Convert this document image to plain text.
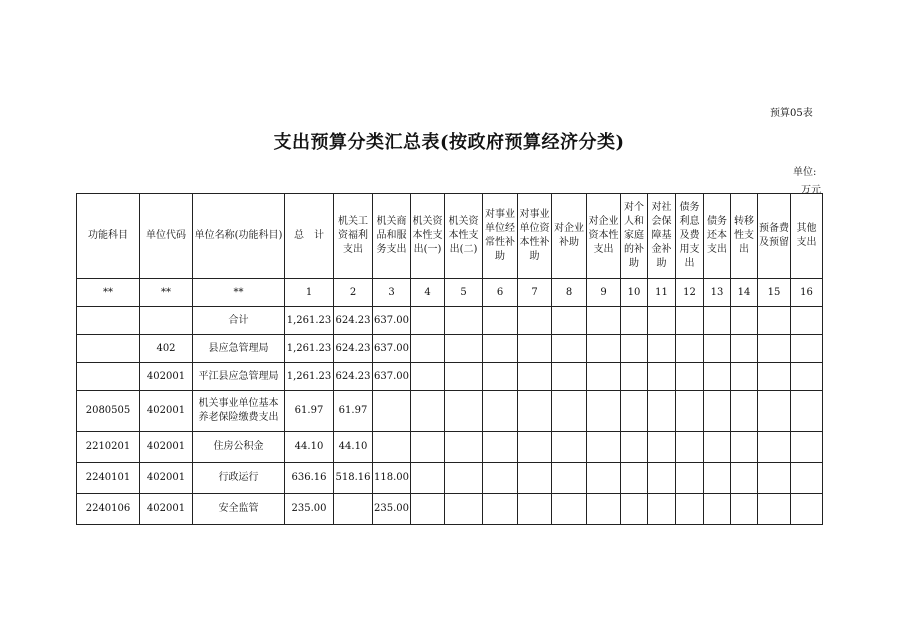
预算05表
支出预算分类汇总表(按政府预算经济分类)
单位:
万元
功能科目	单位代码	单位名称(功能科目)	总　计	机关工资福利支出	机关商品和服务支出	机关资本性支出(一)	机关资本性支出(二)	对事业单位经常性补助	对事业单位资本性补助	对企业补助	对企业资本性支出	对个人和家庭的补助	对社会保障基金补助	债务利息及费用支出	债务还本支出	转移性支出	预备费及预留	其他支出
**	**	**	1	2	3	4	5	6	7	8	9	10	11	12	13	14	15	16
		合计	1,261.23	624.23	637.00													
	402	县应急管理局	1,261.23	624.23	637.00													
	402001	平江县应急管理局	1,261.23	624.23	637.00													
2080505	402001	机关事业单位基本养老保险缴费支出	61.97	61.97														
2210201	402001	住房公积金	44.10	44.10														
2240101	402001	行政运行	636.16	518.16	118.00													
2240106	402001	安全监管	235.00		235.00													
